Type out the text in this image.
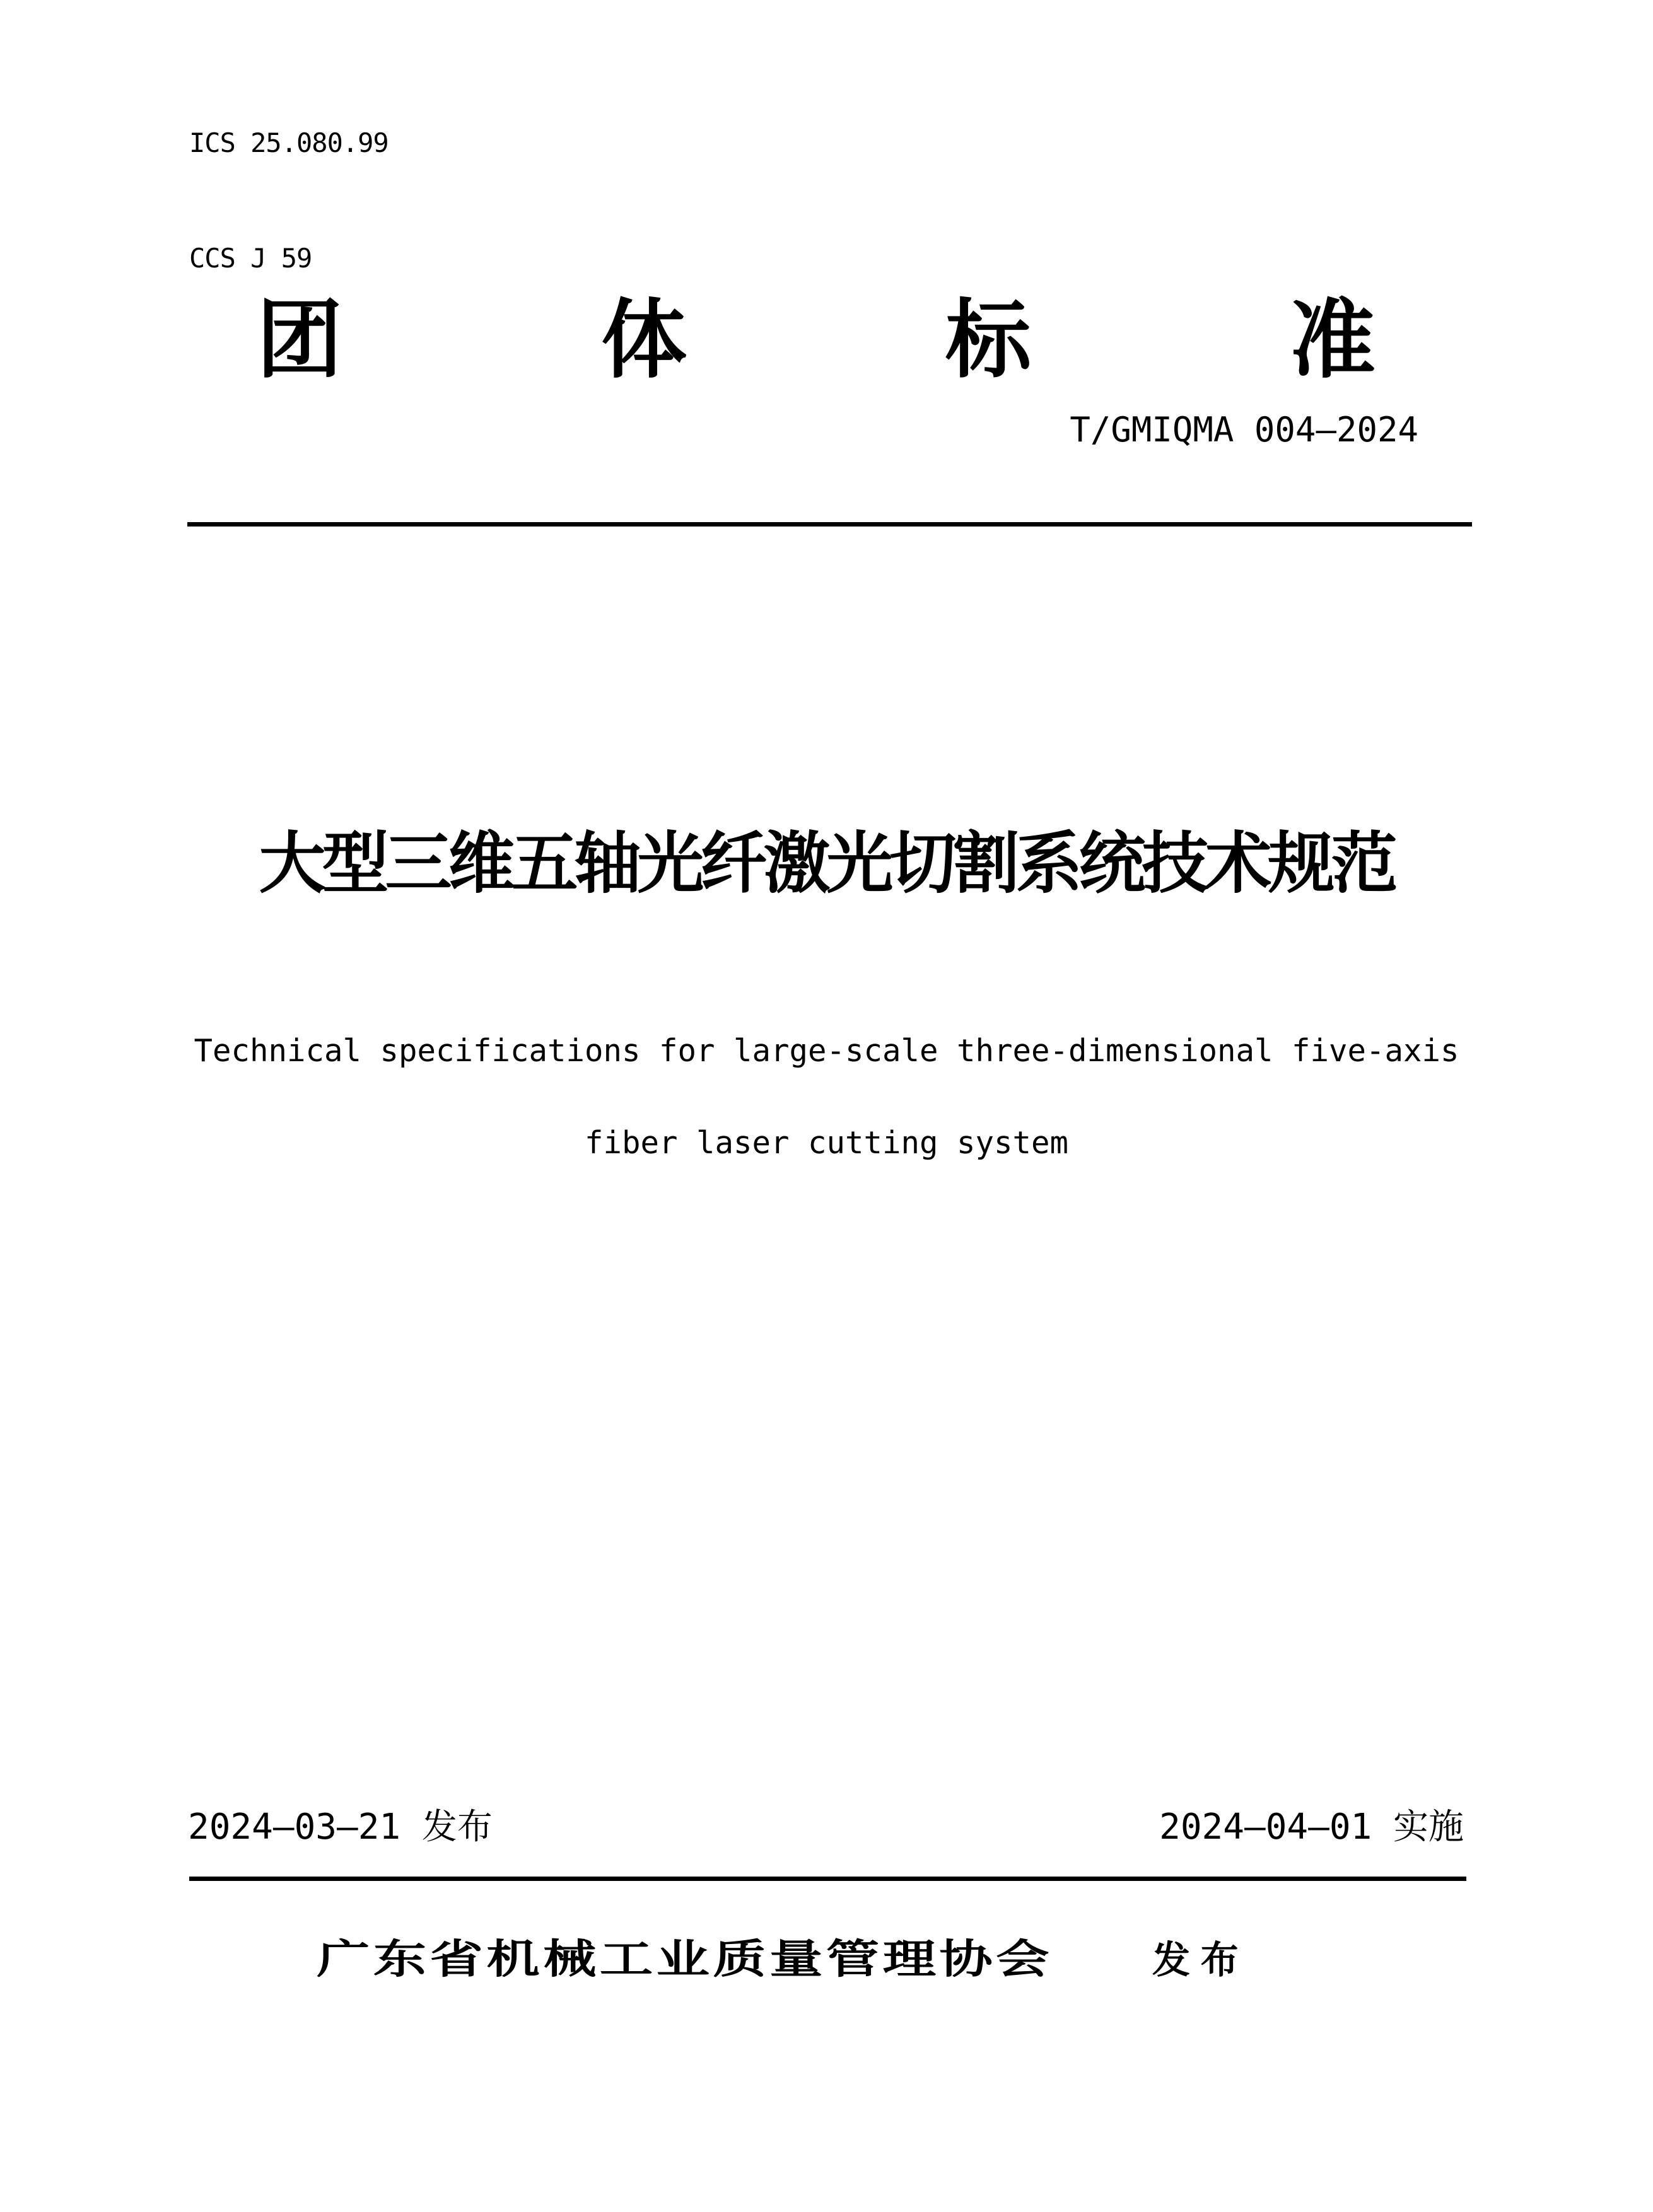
ICS 25.080.99

CCS J 59

团	体	标	准
T/GMIQMA 004—2024
大型三维五轴光纤激光切割系统技术规范
Technical specifications for large-scale three-dimensional five-axis
fiber laser cutting system
2024—03—21 发布	2024—04—01 实施
广东省机械工业质量管理协会	发 布
